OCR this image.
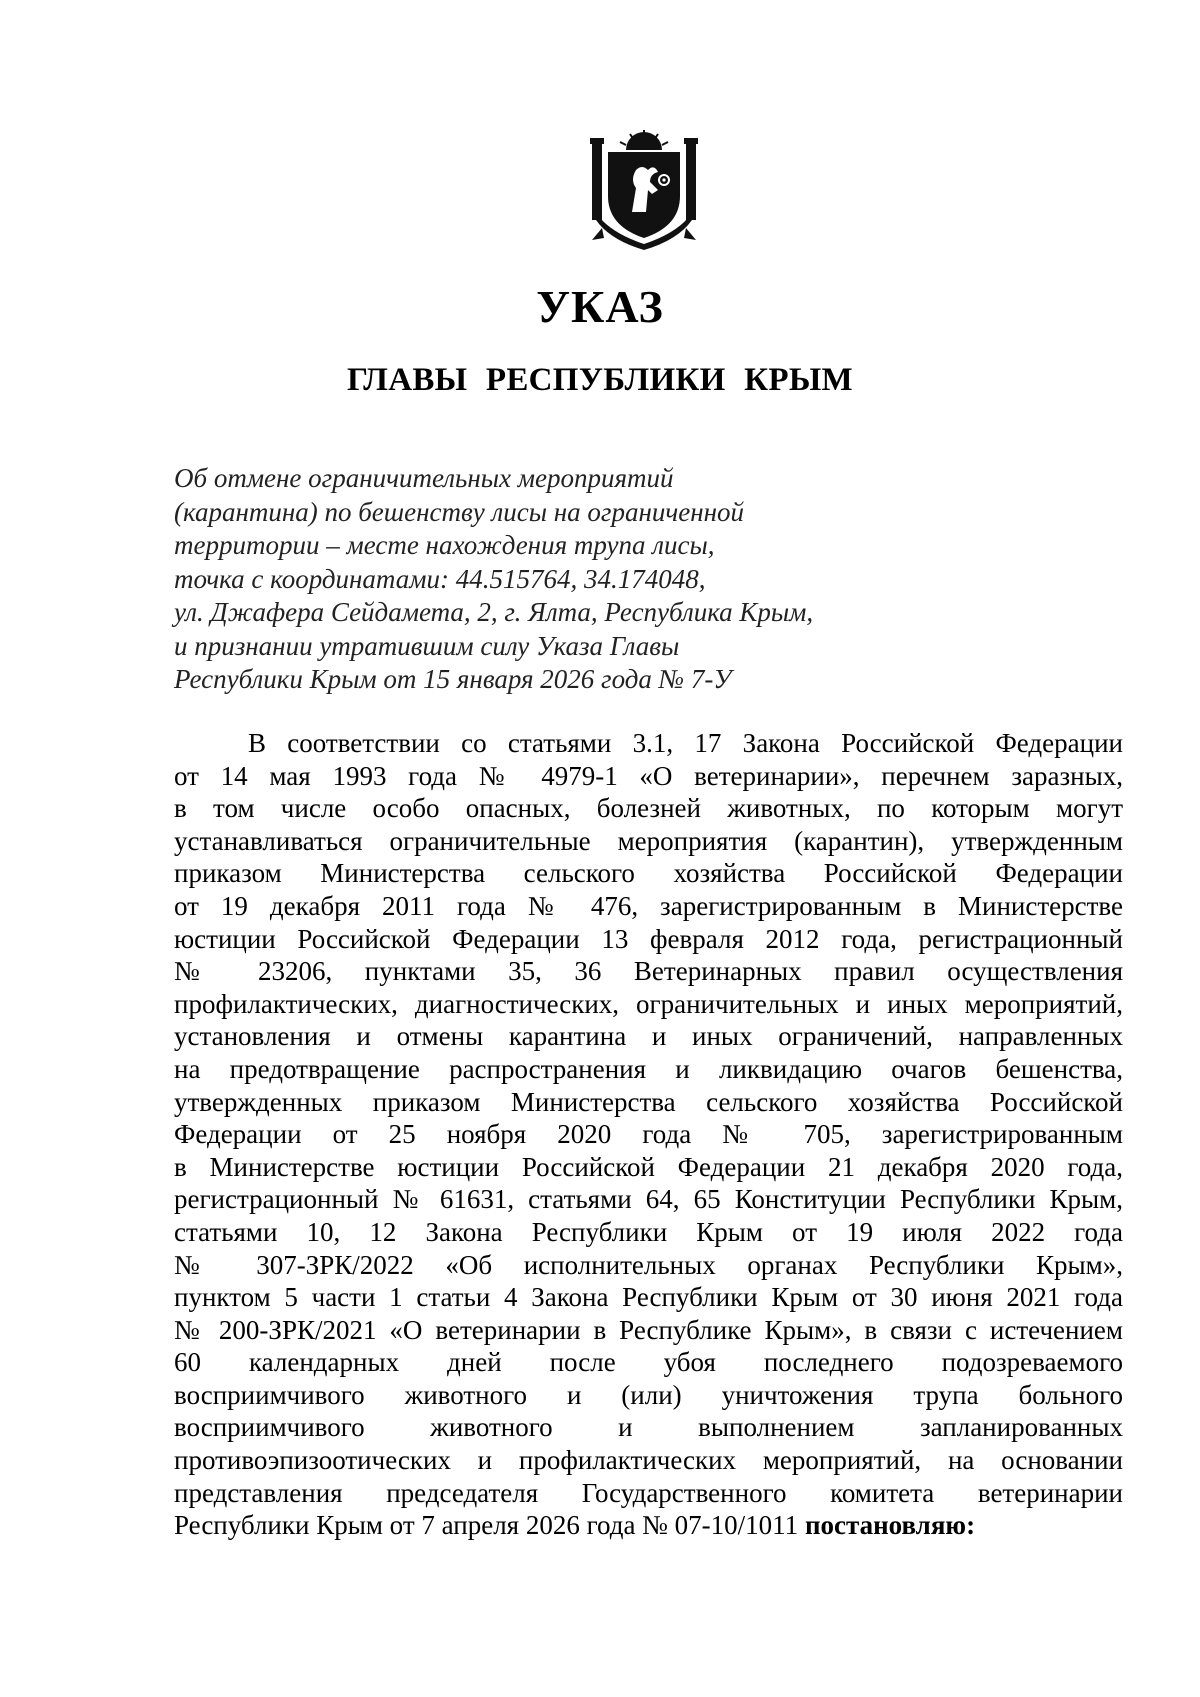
УКАЗ
ГЛАВЫ РЕСПУБЛИКИ КРЫМ
Об отмене ограничительных мероприятий
(карантина) по бешенству лисы на ограниченной
территории – месте нахождения трупа лисы,
точка с координатами: 44.515764, 34.174048,
ул. Джафера Сейдамета, 2, г. Ялта, Республика Крым,
и признании утратившим силу Указа Главы
Республики Крым от 15 января 2026 года № 7-У
В соответствии со статьями 3.1, 17 Закона Российской Федерации
от 14 мая 1993 года № 4979-1 «О ветеринарии», перечнем заразных,
в том числе особо опасных, болезней животных, по которым могут
устанавливаться ограничительные мероприятия (карантин), утвержденным
приказом Министерства сельского хозяйства Российской Федерации
от 19 декабря 2011 года № 476, зарегистрированным в Министерстве
юстиции Российской Федерации 13 февраля 2012 года, регистрационный
№ 23206, пунктами 35, 36 Ветеринарных правил осуществления
профилактических, диагностических, ограничительных и иных мероприятий,
установления и отмены карантина и иных ограничений, направленных
на предотвращение распространения и ликвидацию очагов бешенства,
утвержденных приказом Министерства сельского хозяйства Российской
Федерации от 25 ноября 2020 года № 705, зарегистрированным
в Министерстве юстиции Российской Федерации 21 декабря 2020 года,
регистрационный № 61631, статьями 64, 65 Конституции Республики Крым,
статьями 10, 12 Закона Республики Крым от 19 июля 2022 года
№ 307-ЗРК/2022 «Об исполнительных органах Республики Крым»,
пунктом 5 части 1 статьи 4 Закона Республики Крым от 30 июня 2021 года
№ 200-ЗРК/2021 «О ветеринарии в Республике Крым», в связи с истечением
60 календарных дней после убоя последнего подозреваемого
восприимчивого животного и (или) уничтожения трупа больного
восприимчивого животного и выполнением запланированных
противоэпизоотических и профилактических мероприятий, на основании
представления председателя Государственного комитета ветеринарии
Республики Крым от 7 апреля 2026 года № 07-10/1011 постановляю:
